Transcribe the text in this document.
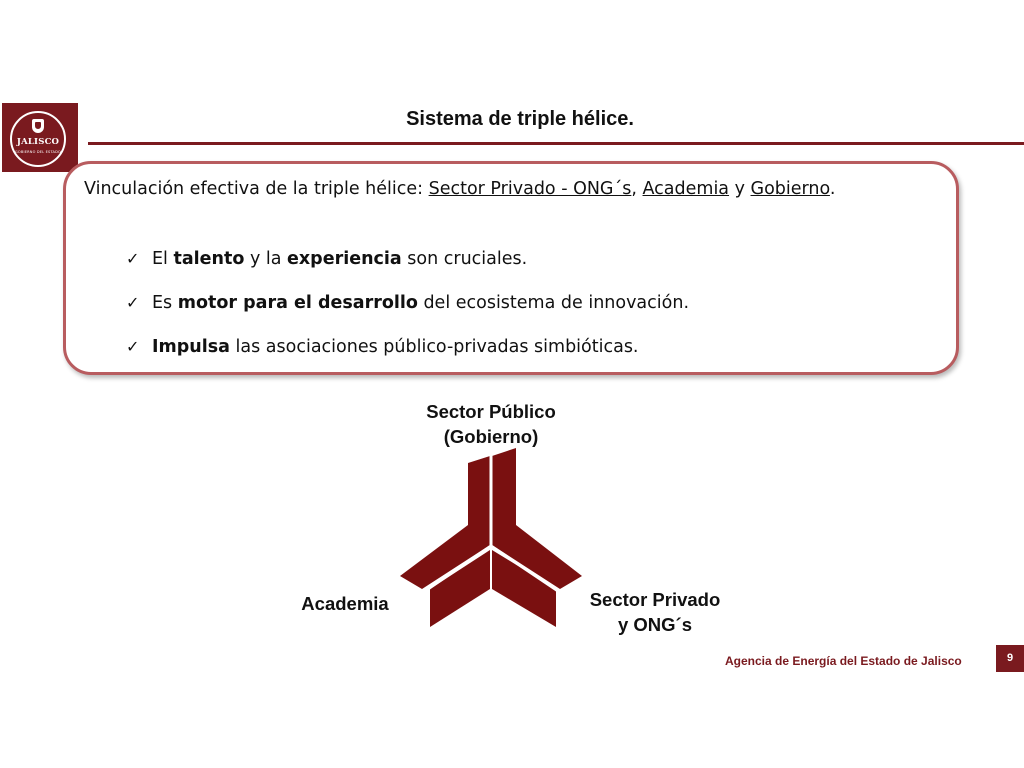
JALISCO
GOBIERNO DEL ESTADO
Sistema de triple hélice.
Vinculación efectiva de la triple hélice: Sector Privado - ONG´s, Academia y Gobierno.
✓ El talento y la experiencia son cruciales.
✓ Es motor para el desarrollo del ecosistema de innovación.
✓ Impulsa las asociaciones público-privadas simbióticas.
Sector Público
(Gobierno)
Academia	Sector Privado
y ONG´s
Agencia de Energía del Estado de Jalisco	9
